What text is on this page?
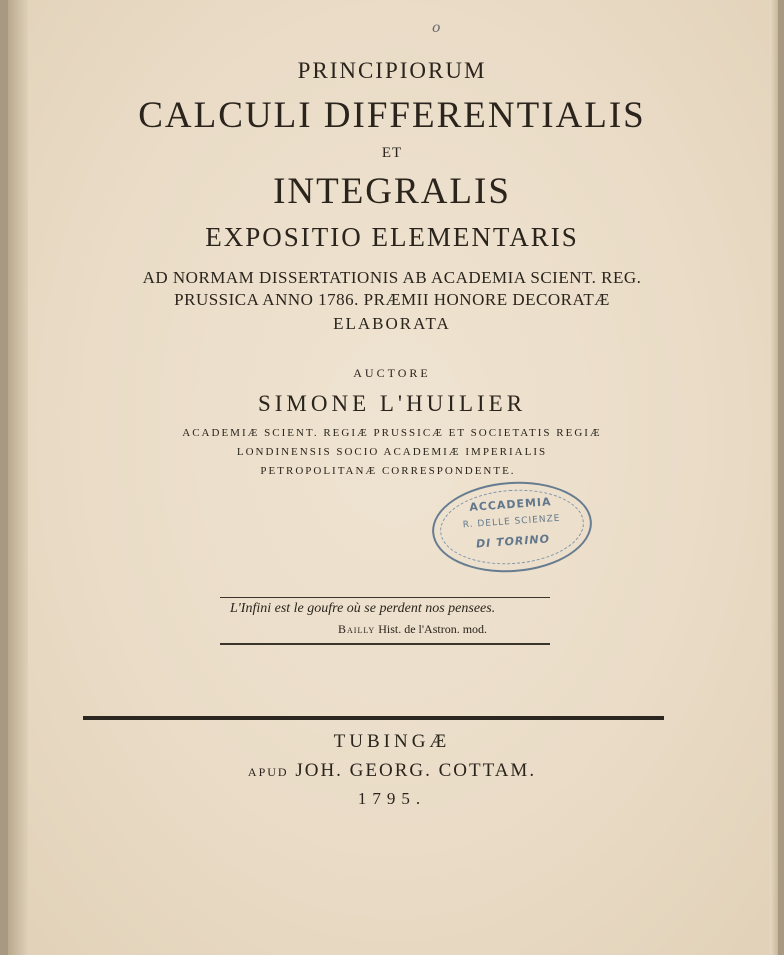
o
PRINCIPIORUM
CALCULI DIFFERENTIALIS
ET
INTEGRALIS
EXPOSITIO ELEMENTARIS
AD NORMAM DISSERTATIONIS AB ACADEMIA SCIENT. REG.
PRUSSICA ANNO 1786. PRÆMII HONORE DECORATÆ
ELABORATA
AUCTORE
SIMONE L'HUILIER
ACADEMIÆ SCIENT. REGIÆ PRUSSICÆ ET SOCIETATIS REGIÆ
LONDINENSIS SOCIO ACADEMIÆ IMPERIALIS
PETROPOLITANÆ CORRESPONDENTE.
ACCADEMIA
R. DELLE SCIENZE
DI TORINO
L'Infini est le goufre où se perdent nos pensees.
Bailly Hist. de l'Astron. mod.
TUBINGÆ
APUD JOH. GEORG. COTTAM.
1795.
